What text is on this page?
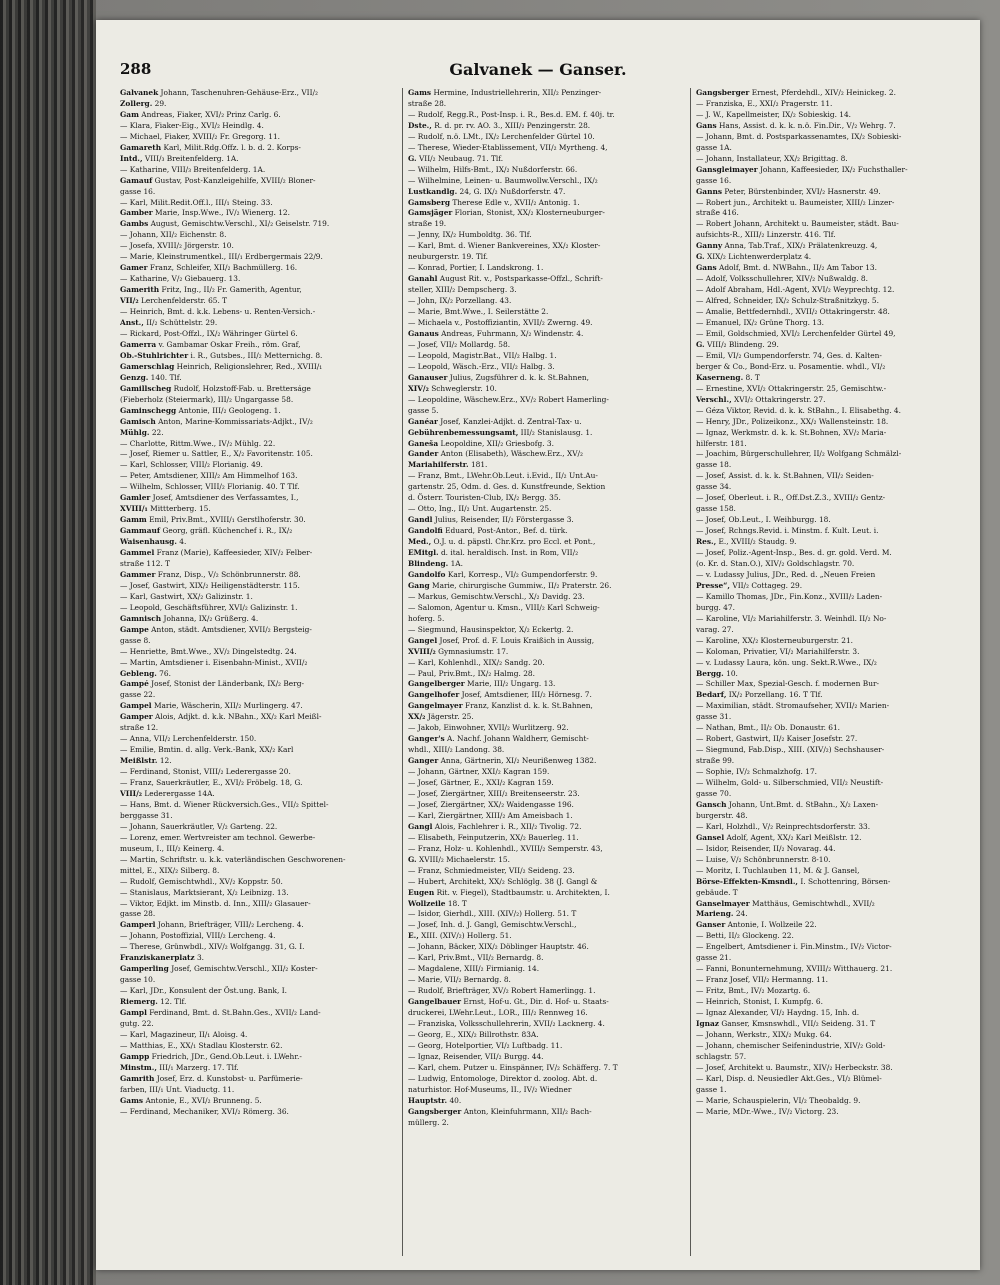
288	Galvanek — Ganser.
Galvanek Johann, Taschenuhren-Gehäuse-Erz., VII/₂
Zollerg. 29.
Gam Andreas, Fiaker, XVI/₂ Prinz Carlg. 6.
— Klara, Fiaker-Eig., XVI/₂ Heindlg. 4.
— Michael, Fiaker, XVIII/₂ Fr. Gregorg. 11.
Gamareth Karl, Milit.Rdg.Offz. l. b. d. 2. Korps-
Intd., VIII/₃ Breitenfelderg. 1A.
— Katharine, VIII/₃ Breitenfelderg. 1A.
Gamauf Gustav, Post-Kanzleigehilfe, XVIII/₂ Bloner-
gasse 16.
— Karl, Milit.Redit.Off.l., III/₁ Steing. 33.
Gamber Marie, Insp.Wwe., IV/₂ Wienerg. 12.
Gambs August, Gemischtw.Verschl., XI/₂ Geiselstr. 719.
— Johann, XII/₂ Eichenstr. 8.
— Josefa, XVIII/₂ Jörgerstr. 10.
— Marie, Kleinstrumentkel., III/₁ Erdbergermais 22/9.
Gamer Franz, Schleifer, XII/₂ Bachmüllerg. 16.
— Katharine, V/₂ Giebauerg. 13.
Gamerith Fritz, Ing., II/₂ Fr. Gamerith, Agentur,
VII/₂ Lerchenfelderstr. 65. T
— Heinrich, Bmt. d. k.k. Lebens- u. Renten-Versich.-
Anst., II/₂ Schüttelstr. 29.
— Rickard, Post-Offzl., IX/₂ Währinger Gürtel 6.
Gamerra v. Gambamar Oskar Freih., röm. Graf,
Ob.-Stuhlrichter i. R., Gutsbes., III/₂ Metternichg. 8.
Gamerschlag Heinrich, Religionslehrer, Red., XVIII/₁
Genzg. 140. Tlf.
Gamillscheg Rudolf, Holzstoff-Fab. u. Bretterságe
(Fieberholz (Steiermark), III/₂ Ungargasse 58.
Gaminschegg Antonie, III/₂ Geologeng. 1.
Gamisch Anton, Marine-Kommissariats-Adjkt., IV/₂
Mühlg. 22.
— Charlotte, Rittm.Wwe., IV/₂ Mühlg. 22.
— Josef, Riemer u. Sattler, E., X/₂ Favoritenstr. 105.
— Karl, Schlosser, VIII/₂ Florianig. 49.
— Peter, Amtsdiener, XIII/₂ Am Himmelhof 163.
— Wilhelm, Schlosser, VIII/₂ Florianig. 40. T Tlf.
Gamler Josef, Amtsdiener des Verfassamtes, I.,
XVIII/₁ Mittterberg. 15.
Gamm Emil, Priv.Bmt., XVIII/₁ Gerstlhoferstr. 30.
Gammauf Georg, gräfl. Küchenchef i. R., IX/₂
Waisenhausg. 4.
Gammel Franz (Marie), Kaffeesieder, XIV/₂ Felber-
straße 112. T
Gammer Franz, Disp., V/₂ Schönbrunnerstr. 88.
— Josef, Gastwirt, XIX/₂ Heiligenstädterstr. 115.
— Karl, Gastwirt, XX/₂ Galizinstr. 1.
— Leopold, Geschäftsführer, XVI/₂ Galizinstr. 1.
Gamnisch Johanna, IX/₂ Grüßerg. 4.
Gampe Anton, städt. Amtsdiener, XVII/₂ Bergsteig-
gasse 8.
— Henriette, Bmt.Wwe., XV/₂ Dingelstedtg. 24.
— Martin, Amtsdiener i. Eisenbahn-Minist., XVII/₂
Gebleng. 76.
Gampé Josef, Stonist der Länderbank, IX/₂ Berg-
gasse 22.
Gampel Marie, Wäscherin, XII/₂ Murlingerg. 47.
Gamper Alois, Adjkt. d. k.k. NBahn., XX/₂ Karl Meißl-
straße 12.
— Anna, VII/₂ Lerchenfelderstr. 150.
— Emilie, Bmtin. d. allg. Verk.-Bank, XX/₂ Karl
Meißlstr. 12.
— Ferdinand, Stonist, VIII/₂ Lederergasse 20.
— Franz, Sauerkräutler, E., XVI/₂ Fröbelg. 18, G.
VIII/₂ Lederergasse 14A.
— Hans, Bmt. d. Wiener Rückversich.Ges., VII/₂ Spittel-
berggasse 31.
— Johann, Sauerkräutler, V/₂ Garteng. 22.
— Lorenz, emer. Wertvreister am technol. Gewerbe-
museum, I., III/₂ Keinerg. 4.
— Martin, Schriftstr. u. k.k. vaterländischen Geschworenen-
mittel, E., XIX/₂ Silberg. 8.
— Rudolf, Gemischtwhdl., XV/₂ Koppstr. 50.
— Stanislaus, Marktsierant, X/₂ Leibnizg. 13.
— Viktor, Edjkt. im Minstb. d. Inn., XIII/₂ Glasauer-
gasse 28.
Gamperl Johann, Briefträger, VIII/₂ Lercheng. 4.
— Johann, Postoffizial, VIII/₂ Lercheng. 4.
— Therese, Grünwbdl., XIV/₂ Wolfgangg. 31, G. I.
Franziskanerplatz 3.
Gamperling Josef, Gemischtw.Verschl., XII/₂ Koster-
gasse 10.
— Karl, JDr., Konsulent der Öst.ung. Bank, I.
Riemerg. 12. Tlf.
Gampl Ferdinand, Bmt. d. St.Bahn.Ges., XVII/₂ Land-
gutg. 22.
— Karl, Magazineur, II/₁ Aloisg. 4.
— Matthias, E., XX/₁ Stadlau Klosterstr. 62.
Gampp Friedrich, JDr., Gend.Ob.Leut. i. LWehr.-
Minstm., III/₁ Marzerg. 17. Tlf.
Gamrith Josef, Erz. d. Kunstobst- u. Parfümerie-
farben, III/₁ Unt. Viaductg. 11.
Gams Antonie, E., XVI/₂ Brunneng. 5.
— Ferdinand, Mechaniker, XVI/₂ Römerg. 36.
Gams Hermine, Industriellehrerin, XII/₂ Penzinger-
straße 28.
— Rudolf, Regg.R., Post-Insp. i. R., Bes.d. EM. f. 40j. tr.
Dste., R. d. pr. rv. AO. 3., XIII/₂ Penzingerstr. 28.
— Rudolf, n.ö. LMt., IX/₂ Lerchenfelder Gürtel 10.
— Therese, Wieder-Etablissement, VII/₂ Myrtheng. 4,
G. VII/₂ Neubaug. 71. Tlf.
— Wilhelm, Hilfs-Bmt., IX/₂ Nußdorferstr. 66.
— Wilhelmine, Leinen- u. Baumwollw.Verschl., IX/₂
Lustkandlg. 24, G. IX/₂ Nußdorferstr. 47.
Gamsberg Therese Edle v., XVII/₂ Antonig. 1.
Gamsjäger Florian, Stonist, XX/₂ Klosterneuburger-
straße 19.
— Jenny, IX/₂ Humboldtg. 36. Tlf.
— Karl, Bmt. d. Wiener Bankvereines, XX/₂ Kloster-
neuburgerstr. 19. Tlf.
— Konrad, Portier, I. Landskrong. 1.
Ganahl August Rit. v., Postsparkasse-Offzl., Schrift-
steller, XIII/₂ Dempscherg. 3.
— John, IX/₂ Porzellang. 43.
— Marie, Bmt.Wwe., I. Seilerstätte 2.
— Michaela v., Postoffiziantin, XVII/₂ Zwerng. 49.
Ganaus Andreas, Fuhrmann, X/₂ Windenstr. 4.
— Josef, VII/₂ Mollardg. 58.
— Leopold, Magistr.Bat., VII/₂ Halbg. 1.
— Leopold, Wäsch.-Erz., VII/₂ Halbg. 3.
Ganauser Julius, Zugsführer d. k. k. St.Bahnen,
XIV/₂ Schweglerstr. 10.
— Leopoldine, Wäschew.Erz., XV/₂ Robert Hamerling-
gasse 5.
Ganéar Josef, Kanzlei-Adjkt. d. Zentral-Tax- u.
Gebührenbemessungsamt, III/₂ Stanislausg. 1.
Ganeša Leopoldine, XII/₂ Griesbofg. 3.
Gander Anton (Elisabeth), Wäschew.Erz., XV/₂
Mariahilferstr. 181.
— Franz, Bmt., LWehr.Ob.Leut. i.Evid., II/₂ Unt.Au-
gartenstr. 25, Odm. d. Ges. d. Kunstfreunde, Sektion
d. Österr. Touristen-Club, IX/₂ Bergg. 35.
— Otto, Ing., II/₂ Unt. Augartenstr. 25.
Gandl Julius, Reisender, II/₂ Förstergasse 3.
Gandolfi Eduard, Post-Antor., Bef. d. türk.
Med., O.J. u. d. päpstl. Chr.Krz. pro Eccl. et Pont.,
EMitgl. d. ital. heraldisch. Inst. in Rom, VII/₂
Blindeng. 1A.
Gandolfo Karl, Korresp., VI/₂ Gumpendorferstr. 9.
Gang Marie, chirurgische Gummiw., II/₂ Praterstr. 26.
— Markus, Gemischtw.Verschl., X/₂ Davidg. 23.
— Salomon, Agentur u. Kmsn., VIII/₂ Karl Schweig-
hoferg. 5.
— Siegmund, Hausinspektor, X/₂ Eckertg. 2.
Gangel Josef, Prof. d. F. Louis Kraißich in Aussig,
XVIII/₂ Gymnasiumstr. 17.
— Karl, Kohlenhdl., XIX/₂ Sandg. 20.
— Paul, Priv.Bmt., IX/₂ Halmg. 28.
Gangelberger Marie, III/₂ Ungarg. 13.
Gangelhofer Josef, Amtsdiener, III/₂ Hörnesg. 7.
Gangelmayer Franz, Kanzlist d. k. k. St.Bahnen,
XX/₂ Jägerstr. 25.
— Jakob, Einwohner, XVII/₂ Wurlitzerg. 92.
Ganger's A. Nachf. Johann Waldherr, Gemischt-
whdl., XIII/₂ Landong. 38.
Ganger Anna, Gärtnerin, XI/₂ Neurißenweg 1382.
— Johann, Gärtner, XXI/₂ Kagran 159.
— Josef, Gärtner, E., XXI/₂ Kagran 159.
— Josef, Ziergärtner, XIII/₂ Breitenseerstr. 23.
— Josef, Ziergärtner, XX/₂ Waidengasse 196.
— Karl, Ziergärtner, XIII/₂ Am Ameisbach 1.
Gangl Alois, Fachlehrer i. R., XII/₂ Tivolig. 72.
— Elisabeth, Feinputzerin, XX/₂ Bauerleg. 11.
— Franz, Holz- u. Kohlenhdl., XVIII/₂ Semperstr. 43,
G. XVIII/₂ Michaelerstr. 15.
— Franz, Schmiedmeister, VII/₂ Seideng. 23.
— Hubert, Architekt, XX/₂ Schlöglg. 38 (J. Gangl &
Eugen Rit. v. Fiegel), Stadtbaumstr. u. Architekten, I.
Wollzeile 18. T
— Isidor, Gierhdl., XIII. (XIV/₂) Hollerg. 51. T
— Josef, Inh. d. J. Gangl, Gemischtw.Verschl.,
E., XIII. (XIV/₂) Hollerg. 51.
— Johann, Bäcker, XIX/₂ Döblinger Hauptstr. 46.
— Karl, Priv.Bmt., VII/₂ Bernardg. 8.
— Magdalene, XIII/₂ Firmianig. 14.
— Marie, VII/₂ Bernardg. 8.
— Rudolf, Briefträger, XV/₂ Robert Hamerlingg. 1.
Gangelbauer Ernst, Hof-u. Gt., Dir. d. Hof- u. Staats-
druckerei, LWehr.Leut., LOR., III/₂ Rennweg 16.
— Franziska, Volksschullehrerin, XVII/₂ Lacknerg. 4.
— Georg, E., XIX/₂ Billrothstr. 83A.
— Georg, Hotelportier, VI/₂ Luftbadg. 11.
— Ignaz, Reisender, VII/₂ Burgg. 44.
— Karl, chem. Putzer u. Einspänner, IV/₂ Schäfferg. 7. T
— Ludwig, Entomologe, Direktor d. zoolog. Abt. d.
naturhistor. Hof-Museums, II., IV/₂ Wiedner
Hauptstr. 40.
Gangsberger Anton, Kleinfuhrmann, XII/₂ Bach-
müllerg. 2.
Gangsberger Ernest, Pferdehdl., XIV/₂ Heinickeg. 2.
— Franziska, E., XXI/₂ Pragerstr. 11.
— J. W., Kapellmeister, IX/₂ Sobieskig. 14.
Gans Hans, Assist. d. k. k. n.ö. Fin.Dir., V/₂ Wehrg. 7.
— Johann, Bmt. d. Postsparkassenamtes, IX/₂ Sobieski-
gasse 1A.
— Johann, Installateur, XX/₂ Brigittag. 8.
Gansgleimayer Johann, Kaffeesieder, IX/₂ Fuchsthaller-
gasse 16.
Ganns Peter, Bürstenbinder, XVI/₂ Hasnerstr. 49.
— Robert jun., Architekt u. Baumeister, XIII/₂ Linzer-
straße 416.
— Robert Johann, Architekt u. Baumeister, städt. Bau-
aufsichts-R., XIII/₂ Linzerstr. 416. Tlf.
Ganny Anna, Tab.Traf., XIX/₂ Prälatenkreuzg. 4,
G. XIX/₂ Lichtenwerderplatz 4.
Gans Adolf, Bmt. d. NWBahn., II/₂ Am Tabor 13.
— Adolf, Volksschullehrer, XIV/₂ Nußwaldg. 8.
— Adolf Abraham, Hdl.-Agent, XVI/₂ Weyprechtg. 12.
— Alfred, Schneider, IX/₂ Schulz-Straßnitzkyg. 5.
— Amalie, Bettfedernhdl., XVII/₂ Ottakringerstr. 48.
— Emanuel, IX/₂ Grüne Thorg. 13.
— Emil, Goldschmied, XVI/₂ Lerchenfelder Gürtel 49,
G. VIII/₂ Blindeng. 29.
— Emil, VI/₂ Gumpendorferstr. 74, Ges. d. Kalten-
berger & Co., Bond-Erz. u. Posamentie. whdl., VI/₂
Kaserneng. 8. T
— Ernestine, XVI/₂ Ottakringerstr. 25, Gemischtw.-
Verschl., XVI/₂ Ottakringerstr. 27.
— Géza Viktor, Revid. d. k. k. StBahn., I. Elisabethg. 4.
— Henry, JDr., Polizeikonz., XX/₂ Wallensteinstr. 18.
— Ignaz, Werkmstr. d. k. k. St.Bohnen, XV/₂ Maria-
hilferstr. 181.
— Joachim, Bürgerschullehrer, II/₂ Wolfgang Schmälzl-
gasse 18.
— Josef, Assist. d. k. k. St.Bahnen, VII/₂ Seiden-
gasse 34.
— Josef, Oberleut. i. R., Off.Dst.Z.3., XVIII/₂ Gentz-
gasse 158.
— Josef, Ob.Leut., I. Weihburgg. 18.
— Josef, Rchngs.Revid. i. Minstm. f. Kult. Leut. i.
Res., E., XVIII/₂ Staudg. 9.
— Josef, Poliz.-Agent-Insp., Bes. d. gr. gold. Verd. M.
(o. Kr. d. Stan.O.), XIV/₂ Goldschlagstr. 70.
— v. Ludassy Julius, JDr., Red. d. „Neuen Freien
Presse“, VII/₂ Cottageg. 29.
— Kamillo Thomas, JDr., Fin.Konz., XVIII/₂ Laden-
burgg. 47.
— Karoline, VI/₂ Mariahilferstr. 3. Weinhdl. II/₂ No-
varag. 27.
— Karoline, XX/₂ Klosterneuburgerstr. 21.
— Koloman, Privatier, VI/₂ Mariahilferstr. 3.
— v. Ludassy Laura, kön. ung. Sekt.R.Wwe., IX/₂
Bergg. 10.
— Schiller Max, Spezial-Gesch. f. modernen Bur-
Bedarf, IX/₂ Porzellang. 16. T Tlf.
— Maximilian, städt. Stromaufseher, XVII/₂ Marien-
gasse 31.
— Nathan, Bmt., II/₂ Ob. Donaustr. 61.
— Robert, Gastwirt, II/₂ Kaiser Josefstr. 27.
— Siegmund, Fab.Disp., XIII. (XIV/₂) Sechshauser-
straße 99.
— Sophie, IV/₂ Schmalzhofg. 17.
— Wilhelm, Gold- u. Silberschmied, VII/₂ Neustift-
gasse 70.
Gansch Johann, Unt.Bmt. d. StBahn., X/₂ Laxen-
burgerstr. 48.
— Karl, Holzhdl., V/₂ Reinprechtsdorferstr. 33.
Gansel Adolf, Agent, XX/₂ Karl Meißlstr. 12.
— Isidor, Reisender, II/₂ Novarag. 44.
— Luise, V/₂ Schönbrunnerstr. 8-10.
— Moritz, I. Tuchlauben 11, M. & J. Gansel,
Börse-Effekten-Kmsndl., I. Schottenring, Börsen-
gebäude. T
Ganselmayer Matthäus, Gemischtwhdl., XVII/₂
Marieng. 24.
Ganser Antonie, I. Wollzeile 22.
— Betti, II/₂ Glockeng. 22.
— Engelbert, Amtsdiener i. Fin.Minstm., IV/₂ Victor-
gasse 21.
— Fanni, Bonunternehmung, XVIII/₂ Witthauerg. 21.
— Franz Josef, VII/₂ Hermanng. 11.
— Fritz, Bmt., IV/₂ Mozartg. 6.
— Heinrich, Stonist, I. Kumpfg. 6.
— Ignaz Alexander, VI/₂ Haydng. 15, Inh. d.
Ignaz Ganser, Kmsnswhdl., VII/₂ Seideng. 31. T
— Johann, Werkstr., XIX/₂ Mukg. 64.
— Johann, chemischer Seifenindustrie, XIV/₂ Gold-
schlagstr. 57.
— Josef, Architekt u. Baumstr., XIV/₂ Herbeckstr. 38.
— Karl, Disp. d. Neusiedler Akt.Ges., VI/₂ Blümel-
gasse 1.
— Marie, Schauspielerin, VI/₂ Theobaldg. 9.
— Marie, MDr.-Wwe., IV/₂ Victorg. 23.
